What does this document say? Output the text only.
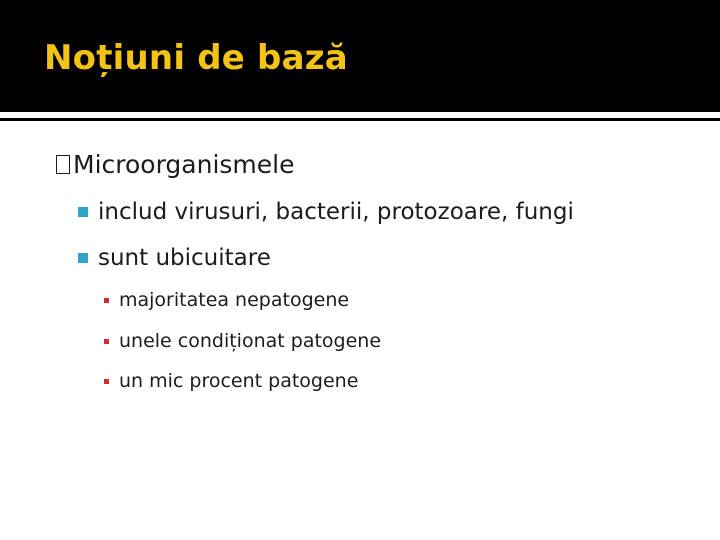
Noțiuni de bază
Microorganismele
includ virusuri, bacterii, protozoare, fungi
sunt ubicuitare
majoritatea nepatogene
unele condiționat patogene
un mic procent patogene
